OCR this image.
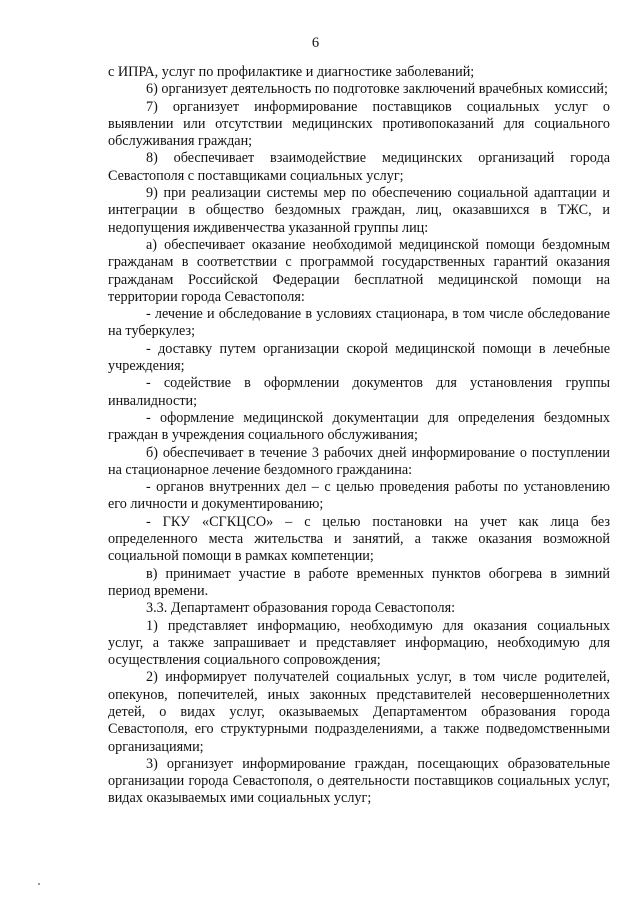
6

с ИПРА, услуг по профилактике и диагностике заболеваний;

6) организует деятельность по подготовке заключений врачебных комиссий;

7) организует информирование поставщиков социальных услуг о выявлении или отсутствии медицинских противопоказаний для социального обслуживания граждан;

8) обеспечивает взаимодействие медицинских организаций города Севастополя с поставщиками социальных услуг;

9) при реализации системы мер по обеспечению социальной адаптации и интеграции в общество бездомных граждан, лиц, оказавшихся в ТЖС, и недопущения иждивенчества указанной группы лиц:

а) обеспечивает оказание необходимой медицинской помощи бездомным гражданам в соответствии с программой государственных гарантий оказания гражданам Российской Федерации бесплатной медицинской помощи на территории города Севастополя:

- лечение и обследование в условиях стационара, в том числе обследование на туберкулез;

- доставку путем организации скорой медицинской помощи в лечебные учреждения;

- содействие в оформлении документов для установления группы инвалидности;

- оформление медицинской документации для определения бездомных граждан в учреждения социального обслуживания;

б) обеспечивает в течение 3 рабочих дней информирование о поступлении на стационарное лечение бездомного гражданина:

- органов внутренних дел – с целью проведения работы по установлению его личности и документированию;

- ГКУ «СГКЦСО» – с целью постановки на учет как лица без определенного места жительства и занятий, а также оказания возможной социальной помощи в рамках компетенции;

в) принимает участие в работе временных пунктов обогрева в зимний период времени.

3.3. Департамент образования города Севастополя:

1) представляет информацию, необходимую для оказания социальных услуг, а также запрашивает и представляет информацию, необходимую для осуществления социального сопровождения;

2) информирует получателей социальных услуг, в том числе родителей, опекунов, попечителей, иных законных представителей несовершеннолетних детей, о видах услуг, оказываемых Департаментом образования города Севастополя, его структурными подразделениями, а также подведомственными организациями;

3) организует информирование граждан, посещающих образовательные организации города Севастополя, о деятельности поставщиков социальных услуг, видах оказываемых ими социальных услуг;
